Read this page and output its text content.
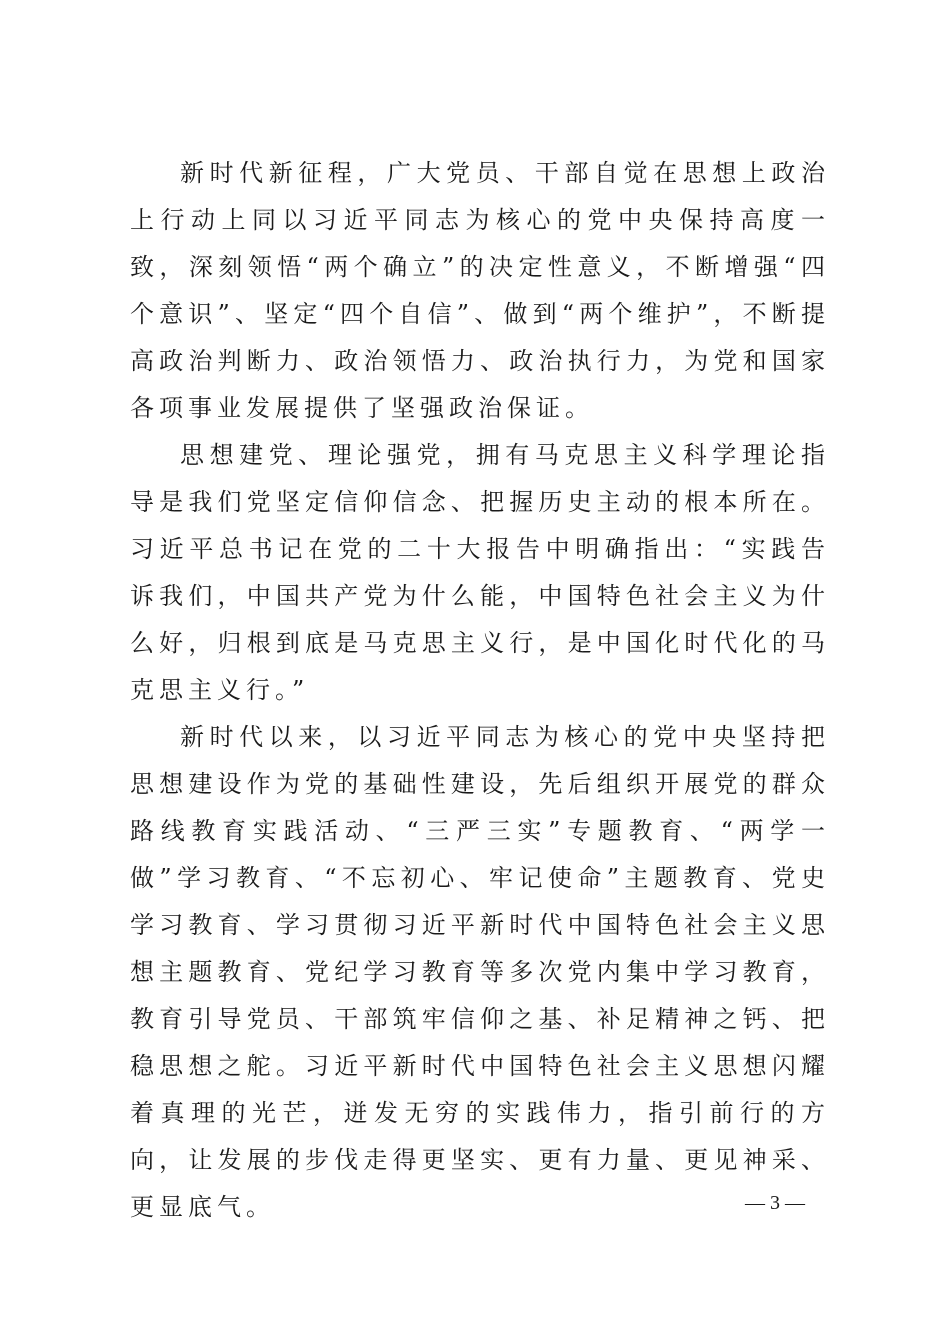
新时代新征程，广大党员、干部自觉在思想上政治上行动上同以习近平同志为核心的党中央保持高度一致，深刻领悟“两个确立”的决定性意义，不断增强“四个意识”、坚定“四个自信”、做到“两个维护”，不断提高政治判断力、政治领悟力、政治执行力，为党和国家各项事业发展提供了坚强政治保证。

思想建党、理论强党，拥有马克思主义科学理论指导是我们党坚定信仰信念、把握历史主动的根本所在。习近平总书记在党的二十大报告中明确指出：“实践告诉我们，中国共产党为什么能，中国特色社会主义为什么好，归根到底是马克思主义行，是中国化时代化的马克思主义行。”

新时代以来，以习近平同志为核心的党中央坚持把思想建设作为党的基础性建设，先后组织开展党的群众路线教育实践活动、“三严三实”专题教育、“两学一做”学习教育、“不忘初心、牢记使命”主题教育、党史学习教育、学习贯彻习近平新时代中国特色社会主义思想主题教育、党纪学习教育等多次党内集中学习教育，教育引导党员、干部筑牢信仰之基、补足精神之钙、把稳思想之舵。习近平新时代中国特色社会主义思想闪耀着真理的光芒，迸发无穷的实践伟力，指引前行的方向，让发展的步伐走得更坚实、更有力量、更见神采、更显底气。	— 3 —
